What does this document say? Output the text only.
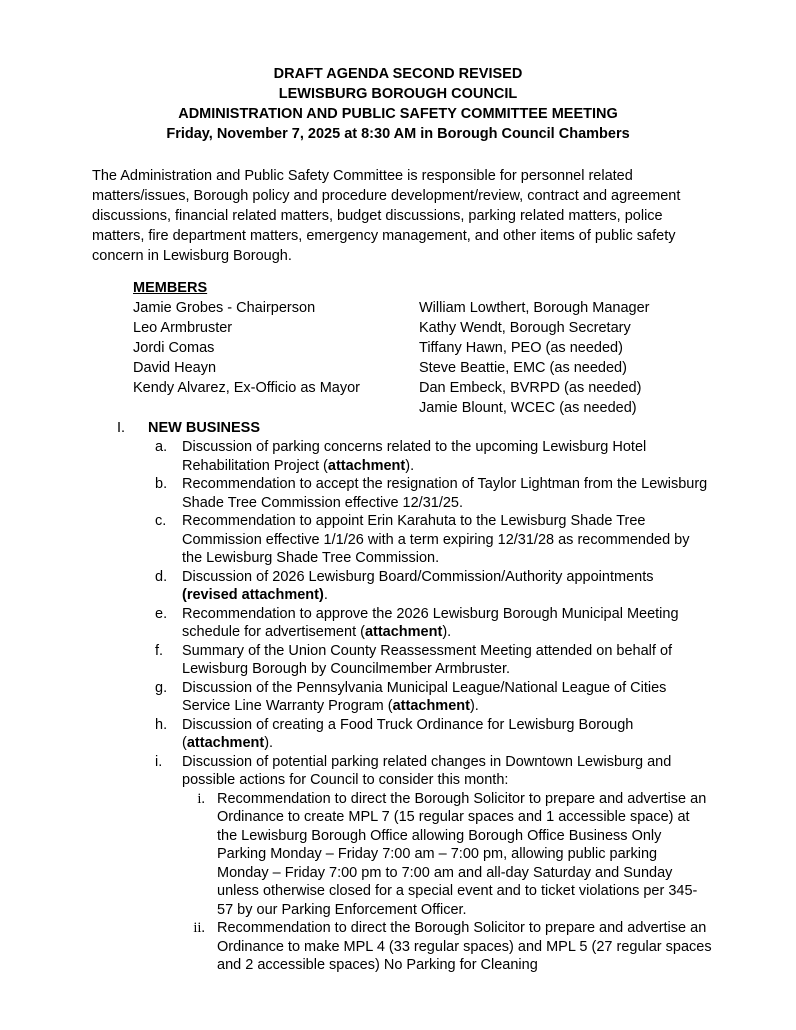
DRAFT AGENDA SECOND REVISED
LEWISBURG BOROUGH COUNCIL
ADMINISTRATION AND PUBLIC SAFETY COMMITTEE MEETING
Friday, November 7, 2025 at 8:30 AM in Borough Council Chambers

The Administration and Public Safety Committee is responsible for personnel related matters/issues, Borough policy and procedure development/review, contract and agreement discussions, financial related matters, budget discussions, parking related matters, police matters, fire department matters, emergency management, and other items of public safety concern in Lewisburg Borough.

MEMBERS
Jamie Grobes - Chairperson
Leo Armbruster
Jordi Comas
David Heayn
Kendy Alvarez, Ex-Officio as Mayor
William Lowthert, Borough Manager
Kathy Wendt, Borough Secretary
Tiffany Hawn, PEO (as needed)
Steve Beattie, EMC (as needed)
Dan Embeck, BVRPD (as needed)
Jamie Blount, WCEC (as needed)
I. NEW BUSINESS
a. Discussion of parking concerns related to the upcoming Lewisburg Hotel Rehabilitation Project (attachment).
b. Recommendation to accept the resignation of Taylor Lightman from the Lewisburg Shade Tree Commission effective 12/31/25.
c. Recommendation to appoint Erin Karahuta to the Lewisburg Shade Tree Commission effective 1/1/26 with a term expiring 12/31/28 as recommended by the Lewisburg Shade Tree Commission.
d. Discussion of 2026 Lewisburg Board/Commission/Authority appointments (revised attachment).
e. Recommendation to approve the 2026 Lewisburg Borough Municipal Meeting schedule for advertisement (attachment).
f. Summary of the Union County Reassessment Meeting attended on behalf of Lewisburg Borough by Councilmember Armbruster.
g. Discussion of the Pennsylvania Municipal League/National League of Cities Service Line Warranty Program (attachment).
h. Discussion of creating a Food Truck Ordinance for Lewisburg Borough (attachment).
i. Discussion of potential parking related changes in Downtown Lewisburg and possible actions for Council to consider this month:
i. Recommendation to direct the Borough Solicitor to prepare and advertise an Ordinance to create MPL 7 (15 regular spaces and 1 accessible space) at the Lewisburg Borough Office allowing Borough Office Business Only Parking Monday – Friday 7:00 am – 7:00 pm, allowing public parking Monday – Friday 7:00 pm to 7:00 am and all-day Saturday and Sunday unless otherwise closed for a special event and to ticket violations per 345-57 by our Parking Enforcement Officer.
ii. Recommendation to direct the Borough Solicitor to prepare and advertise an Ordinance to make MPL 4 (33 regular spaces) and MPL 5 (27 regular spaces and 2 accessible spaces) No Parking for Cleaning
